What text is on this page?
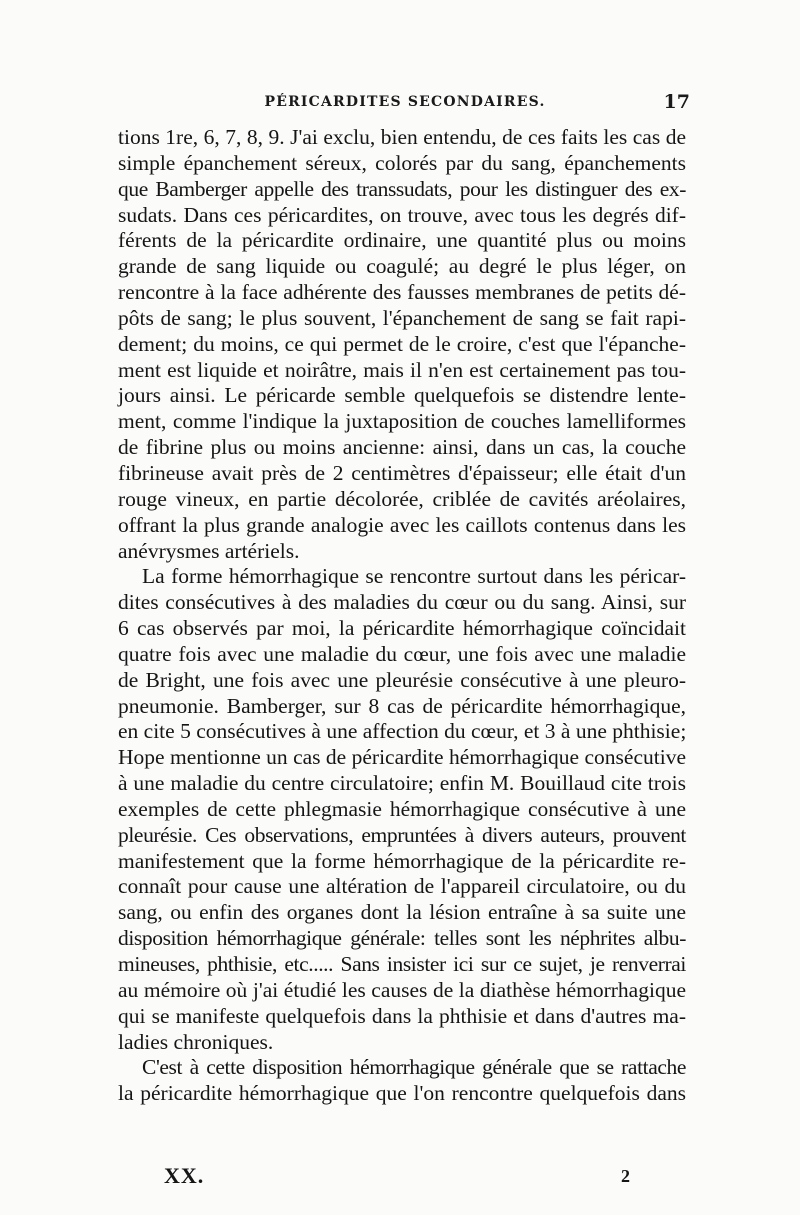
PÉRICARDITES SECONDAIRES.	17
tions 1re, 6, 7, 8, 9. J'ai exclu, bien entendu, de ces faits les cas de
simple épanchement séreux, colorés par du sang, épanchements
que Bamberger appelle des transsudats, pour les distinguer des ex-
sudats. Dans ces péricardites, on trouve, avec tous les degrés dif-
férents de la péricardite ordinaire, une quantité plus ou moins
grande de sang liquide ou coagulé; au degré le plus léger, on
rencontre à la face adhérente des fausses membranes de petits dé-
pôts de sang; le plus souvent, l'épanchement de sang se fait rapi-
dement; du moins, ce qui permet de le croire, c'est que l'épanche-
ment est liquide et noirâtre, mais il n'en est certainement pas tou-
jours ainsi. Le péricarde semble quelquefois se distendre lente-
ment, comme l'indique la juxtaposition de couches lamelliformes
de fibrine plus ou moins ancienne: ainsi, dans un cas, la couche
fibrineuse avait près de 2 centimètres d'épaisseur; elle était d'un
rouge vineux, en partie décolorée, criblée de cavités aréolaires,
offrant la plus grande analogie avec les caillots contenus dans les
anévrysmes artériels.
La forme hémorrhagique se rencontre surtout dans les péricar-
dites consécutives à des maladies du cœur ou du sang. Ainsi, sur
6 cas observés par moi, la péricardite hémorrhagique coïncidait
quatre fois avec une maladie du cœur, une fois avec une maladie
de Bright, une fois avec une pleurésie consécutive à une pleuro-
pneumonie. Bamberger, sur 8 cas de péricardite hémorrhagique,
en cite 5 consécutives à une affection du cœur, et 3 à une phthisie;
Hope mentionne un cas de péricardite hémorrhagique consécutive
à une maladie du centre circulatoire; enfin M. Bouillaud cite trois
exemples de cette phlegmasie hémorrhagique consécutive à une
pleurésie. Ces observations, empruntées à divers auteurs, prouvent
manifestement que la forme hémorrhagique de la péricardite re-
connaît pour cause une altération de l'appareil circulatoire, ou du
sang, ou enfin des organes dont la lésion entraîne à sa suite une
disposition hémorrhagique générale: telles sont les néphrites albu-
mineuses, phthisie, etc..... Sans insister ici sur ce sujet, je renverrai
au mémoire où j'ai étudié les causes de la diathèse hémorrhagique
qui se manifeste quelquefois dans la phthisie et dans d'autres ma-
ladies chroniques.
C'est à cette disposition hémorrhagique générale que se rattache
la péricardite hémorrhagique que l'on rencontre quelquefois dans
XX.	2
